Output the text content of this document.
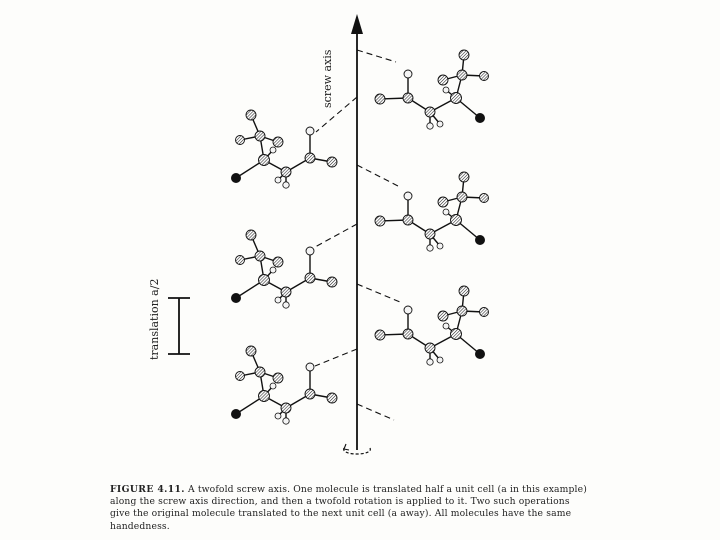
screw axis
translation a/2
FIGURE 4.11. A twofold screw axis. One molecule is translated half a unit cell (a in this example) along the screw axis direction, and then a twofold rotation is applied to it. Two such operations give the original molecule translated to the next unit cell (a away). All molecules have the same handedness.
